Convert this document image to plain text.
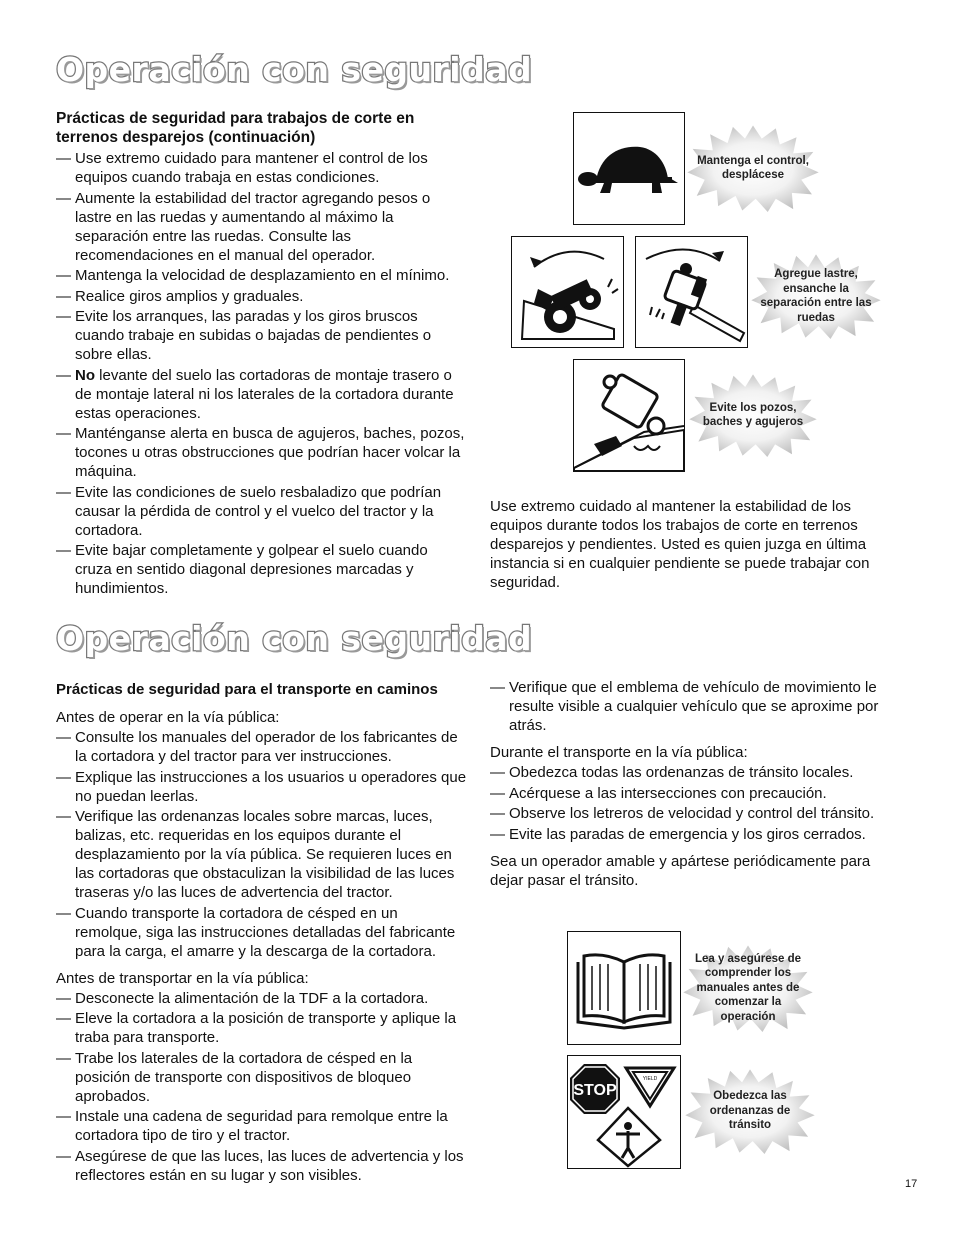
Operación con seguridad
Prácticas de seguridad para trabajos de corte en terrenos desparejos (continuación)
— Use extremo cuidado para mantener el control de los equipos cuando trabaja en estas condiciones.
— Aumente la estabilidad del tractor agregando pesos o lastre en las ruedas y aumentando al máximo la separación entre las ruedas. Consulte las recomendaciones en el manual del operador.
— Mantenga la velocidad de desplazamiento en el mínimo.
— Realice giros amplios y graduales.
— Evite los arranques, las paradas y los giros bruscos cuando trabaje en subidas o bajadas de pendientes o sobre ellas.
— No levante del suelo las cortadoras de montaje trasero o de montaje lateral ni los laterales de la cortadora durante estas operaciones.
— Manténganse alerta en busca de agujeros, baches, pozos, tocones u otras obstrucciones que podrían hacer volcar la máquina.
— Evite las condiciones de suelo resbaladizo que podrían causar la pérdida de control y el vuelco del tractor y la cortadora.
— Evite bajar completamente y golpear el suelo cuando cruza en sentido diagonal depresiones marcadas y hundimientos.
Mantenga el control, desplácese
Agregue lastre, ensanche la separación entre las ruedas
Evite los pozos, baches y agujeros
Use extremo cuidado al mantener la estabilidad de los equipos durante todos los trabajos de corte en terrenos desparejos y pendientes. Usted es quien juzga en última instancia si en cualquier pendiente se puede trabajar con seguridad.
Operación con seguridad
Prácticas de seguridad para el transporte en caminos

Antes de operar en la vía pública:

— Consulte los manuales del operador de los fabricantes de la cortadora y del tractor para ver instrucciones.
— Explique las instrucciones a los usuarios u operadores que no puedan leerlas.
— Verifique las ordenanzas locales sobre marcas, luces, balizas, etc. requeridas en los equipos durante el desplazamiento por la vía pública. Se requieren luces en las cortadoras que obstaculizan la visibilidad de las luces traseras y/o las luces de advertencia del tractor.
— Cuando transporte la cortadora de césped en un remolque, siga las instrucciones detalladas del fabricante para la carga, el amarre y la descarga de la cortadora.

Antes de transportar en la vía pública:

— Desconecte la alimentación de la TDF a la cortadora.
— Eleve la cortadora a la posición de transporte y aplique la traba para transporte.
— Trabe los laterales de la cortadora de césped en la posición de transporte con dispositivos de bloqueo aprobados.
— Instale una cadena de seguridad para remolque entre la cortadora tipo de tiro y el tractor.
— Asegúrese de que las luces, las luces de advertencia y los reflectores están en su lugar y son visibles.
— Verifique que el emblema de vehículo de movimiento le resulte visible a cualquier vehículo que se aproxime por atrás.

Durante el transporte en la vía pública:

— Obedezca todas las ordenanzas de tránsito locales.
— Acérquese a las intersecciones con precaución.
— Observe los letreros de velocidad y control del tránsito.
— Evite las paradas de emergencia y los giros cerrados.

Sea un operador amable y apártese periódicamente para dejar pasar el tránsito.

Lea y asegúrese de comprender los manuales antes de comenzar la operación
STOP
YIELD
Obedezca las ordenanzas de tránsito
17
